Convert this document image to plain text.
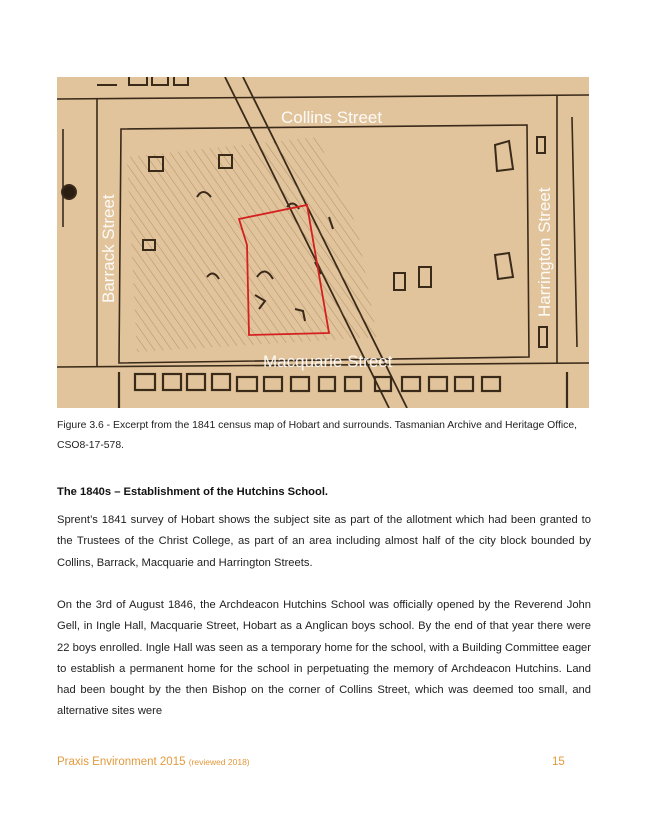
Collins Street
Macquarie Street
Barrack Street	Harrington Street
Figure 3.6 - Excerpt from the 1841 census map of Hobart and surrounds. Tasmanian Archive and Heritage Office, CSO8-17-578.
The 1840s – Establishment of the Hutchins School.
Sprent’s 1841 survey of Hobart shows the subject site as part of the allotment which had been granted to the Trustees of the Christ College, as part of an area including almost half of the city block bounded by Collins, Barrack, Macquarie and Harrington Streets.
On the 3rd of August 1846, the Archdeacon Hutchins School was officially opened by the Reverend John Gell, in Ingle Hall, Macquarie Street, Hobart as a Anglican boys school. By the end of that year there were 22 boys enrolled. Ingle Hall was seen as a temporary home for the school, with a Building Committee eager to establish a permanent home for the school in perpetuating the memory of Archdeacon Hutchins. Land had been bought by the then Bishop on the corner of Collins Street, which was deemed too small, and alternative sites were
Praxis Environment 2015 (reviewed 2018)	15
